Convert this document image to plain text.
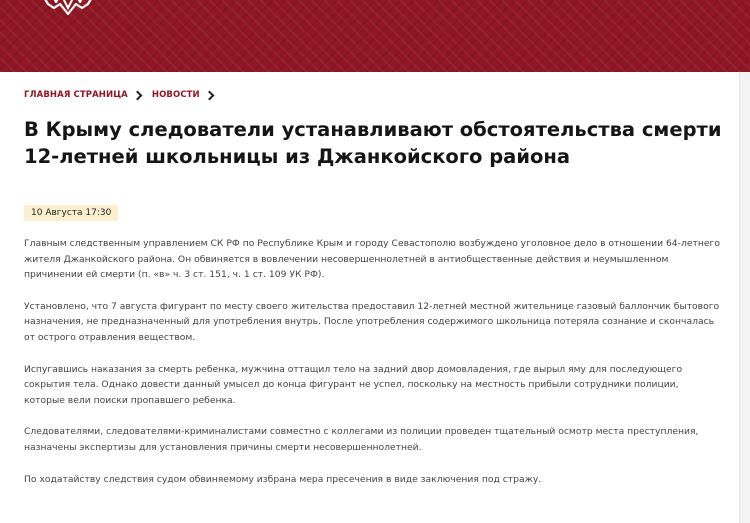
ГЛАВНАЯ СТРАНИЦА	НОВОСТИ
В Крыму следователи устанавливают обстоятельства смерти 12-летней школьницы из Джанкойского района
10 Августа 17:30

Главным следственным управлением СК РФ по Республике Крым и городу Севастополю возбуждено уголовное дело в отношении 64-летнего жителя Джанкойского района. Он обвиняется в вовлечении несовершеннолетней в антиобщественные действия и неумышленном причинении ей смерти (п. «в» ч. 3 ст. 151, ч. 1 ст. 109 УК РФ).

Установлено, что 7 августа фигурант по месту своего жительства предоставил 12-летней местной жительнице газовый баллончик бытового назначения, не предназначенный для употребления внутрь. После употребления содержимого школьница потеряла сознание и скончалась от острого отравления веществом.

Испугавшись наказания за смерть ребенка, мужчина оттащил тело на задний двор домовладения, где вырыл яму для последующего сокрытия тела. Однако довести данный умысел до конца фигурант не успел, поскольку на местность прибыли сотрудники полиции, которые вели поиски пропавшего ребенка.

Следователями, следователями-криминалистами совместно с коллегами из полиции проведен тщательный осмотр места преступления, назначены экспертизы для установления причины смерти несовершеннолетней.

По ходатайству следствия судом обвиняемому избрана мера пресечения в виде заключения под стражу.
